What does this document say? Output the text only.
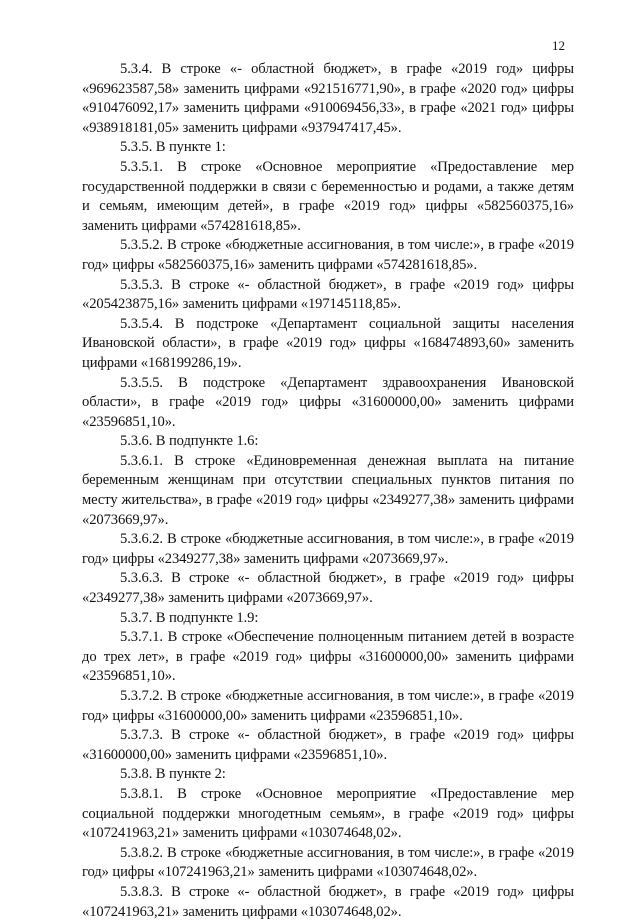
12

5.3.4. В строке «- областной бюджет», в графе «2019 год» цифры «969623587,58» заменить цифрами «921516771,90», в графе «2020 год» цифры «910476092,17» заменить цифрами «910069456,33», в графе «2021 год» цифры «938918181,05» заменить цифрами «937947417,45».

5.3.5. В пункте 1:

5.3.5.1. В строке «Основное мероприятие «Предоставление мер государственной поддержки в связи с беременностью и родами, а также детям и семьям, имеющим детей», в графе «2019 год» цифры «582560375,16» заменить цифрами «574281618,85».

5.3.5.2. В строке «бюджетные ассигнования, в том числе:», в графе «2019 год» цифры «582560375,16» заменить цифрами «574281618,85».

5.3.5.3. В строке «- областной бюджет», в графе «2019 год» цифры «205423875,16» заменить цифрами «197145118,85».

5.3.5.4. В подстроке «Департамент социальной защиты населения Ивановской области», в графе «2019 год» цифры «168474893,60» заменить цифрами «168199286,19».

5.3.5.5. В подстроке «Департамент здравоохранения Ивановской области», в графе «2019 год» цифры «31600000,00» заменить цифрами «23596851,10».

5.3.6. В подпункте 1.6:

5.3.6.1. В строке «Единовременная денежная выплата на питание беременным женщинам при отсутствии специальных пунктов питания по месту жительства», в графе «2019 год» цифры «2349277,38» заменить цифрами «2073669,97».

5.3.6.2. В строке «бюджетные ассигнования, в том числе:», в графе «2019 год» цифры «2349277,38» заменить цифрами «2073669,97».

5.3.6.3. В строке «- областной бюджет», в графе «2019 год» цифры «2349277,38» заменить цифрами «2073669,97».

5.3.7. В подпункте 1.9:

5.3.7.1. В строке «Обеспечение полноценным питанием детей в возрасте до трех лет», в графе «2019 год» цифры «31600000,00» заменить цифрами «23596851,10».

5.3.7.2. В строке «бюджетные ассигнования, в том числе:», в графе «2019 год» цифры «31600000,00» заменить цифрами «23596851,10».

5.3.7.3. В строке «- областной бюджет», в графе «2019 год» цифры «31600000,00» заменить цифрами «23596851,10».

5.3.8. В пункте 2:

5.3.8.1. В строке «Основное мероприятие «Предоставление мер социальной поддержки многодетным семьям», в графе «2019 год» цифры «107241963,21» заменить цифрами «103074648,02».

5.3.8.2. В строке «бюджетные ассигнования, в том числе:», в графе «2019 год» цифры «107241963,21» заменить цифрами «103074648,02».

5.3.8.3. В строке «- областной бюджет», в графе «2019 год» цифры «107241963,21» заменить цифрами «103074648,02».
